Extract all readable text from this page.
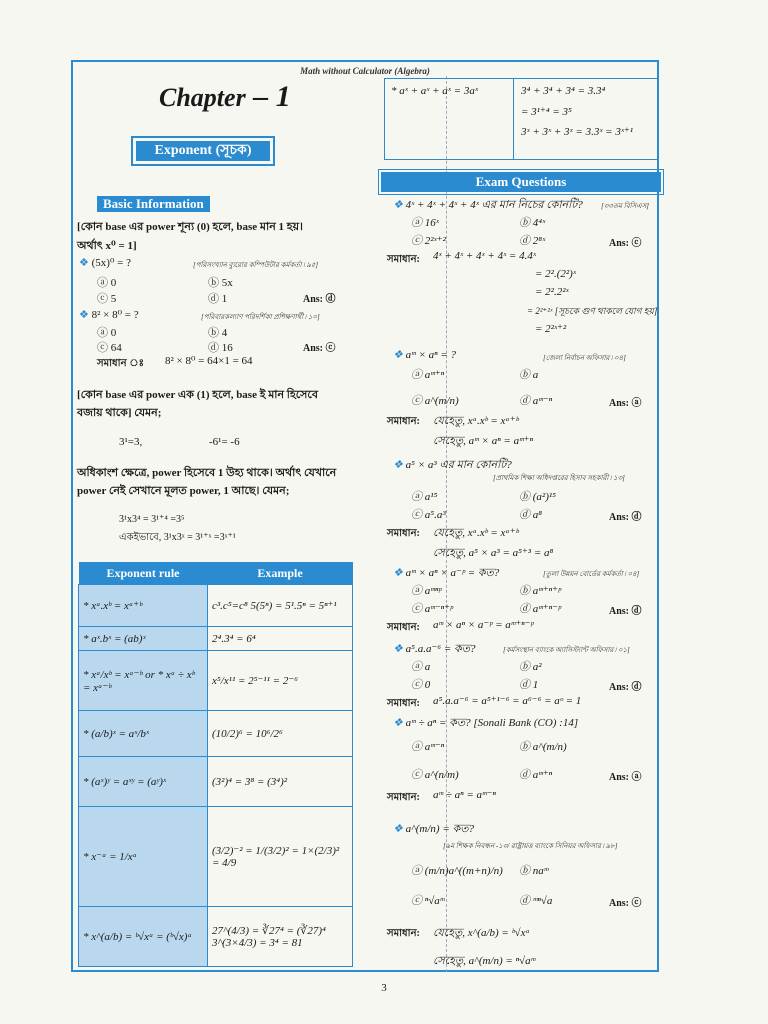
Math without Calculator (Algebra)
Chapter – 1
Exponent (সূচক)
Basic Information
[কোন base এর power শূন্য (0) হলে, base মান 1 হয়।
অর্থাৎ x⁰ = 1]
❖ (5x)⁰ = ?	[পরিসংখ্যান ব্যুরোর কম্পিউটার কর্মকর্তা ৷ ৯৫]
ⓐ 0	ⓑ 5x
ⓒ 5	ⓓ 1	Ans: ⓓ
❖ 8² × 8⁰ = ?	[পরিবারকল্যাণ পরিদর্শিকা প্রশিক্ষণার্থী ৷ ১০]
ⓐ 0	ⓑ 4
ⓒ 64	ⓓ 16	Ans: ⓒ
সমাধান ঃ 8² × 8⁰ = 64×1 = 64
[কোন base এর power এক (1) হলে, base ই মান হিসেবে
বজায় থাকে] যেমন;
3¹=3,	-6¹= -6
অধিকাংশ ক্ষেত্রে, power হিসেবে 1 উহ্য থাকে। অর্থাৎ যেখানে
power নেই সেখানে মূলত power, 1 আছে। যেমন;
3¹x3⁴ = 3¹⁺⁴ =3⁵
একইভাবে, 3¹x3ˣ = 3¹⁺ˣ =3ˣ⁺¹
Exponent rule	Example
* xᵃ.xᵇ = xᵃ⁺ᵇ	c³.c⁵=c⁸ 5(5ⁿ) = 5¹.5ⁿ = 5ⁿ⁺¹
* aˣ.bˣ = (ab)ˣ	2⁴.3⁴ = 6⁴
* xᵃ/xᵇ = xᵃ⁻ᵇ or * xᵃ ÷ xᵇ = xᵃ⁻ᵇ	x⁵/x¹¹ = 2⁵⁻¹¹ = 2⁻⁶
* (a/b)ˣ = aˣ/bˣ	(10/2)⁶ = 10⁶/2⁶
* (aˣ)ʸ = aˣʸ = (aʸ)ˣ	(3²)⁴ = 3⁸ = (3⁴)²
* x⁻ᵃ = 1/xᵃ	(3/2)⁻² = 1/(3/2)² = 1×(2/3)² = 4/9
* x^(a/b) = ᵇ√xᵃ = (ᵇ√x)ᵃ	27^(4/3) = ∛27⁴ = (∛27)⁴ 3^(3×4/3) = 3⁴ = 81
* aˣ + aˣ + aˣ = 3aˣ	3⁴ + 3⁴ + 3⁴ = 3.3⁴
= 3¹⁺⁴ = 3⁵
3ˣ + 3ˣ + 3ˣ = 3.3ˣ = 3ˣ⁺¹
Exam Questions
❖ 4ˣ + 4ˣ + 4ˣ + 4ˣ এর মান নিচের কোনটি?	[৩৩তম বিসিএস]
ⓐ 16ˣ	ⓑ 4⁴ˣ
ⓒ 2²ˣ⁺²	ⓓ 2⁸ˣ	Ans: ⓒ
সমাধান: 4ˣ + 4ˣ + 4ˣ + 4ˣ = 4.4ˣ
= 2².(2²)ˣ
= 2².2²ˣ
= 2²⁺²ˣ [সূচকে গুণ থাকলে যোগ হয়]
= 2²ˣ⁺²
❖ aᵐ × aⁿ = ?	[জেলা নির্বাচন অফিসার ৷ ০৪]
ⓐ aᵐ⁺ⁿ	ⓑ a
ⓒ a^(m/n)	ⓓ aᵐ⁻ⁿ	Ans: ⓐ
সমাধান: যেহেতু, xᵃ.xᵇ = xᵃ⁺ᵇ
সেহেতু, aᵐ × aⁿ = aᵐ⁺ⁿ
❖ a⁵ × a³ এর মান কোনটি?
[প্রাথমিক শিক্ষা অধিদপ্তরের হিসাব সহকারী ৷ ১৩]
ⓐ a¹⁵	ⓑ (a²)¹⁵
ⓒ a⁵.a³	ⓓ a⁸	Ans: ⓓ
সমাধান: যেহেতু, xᵃ.xᵇ = xᵃ⁺ᵇ
সেহেতু, a⁵ × a³ = a⁵⁺³ = a⁸
❖ aᵐ × aⁿ × a⁻ᵖ = কত?	[তুলা উন্নয়ন বোর্ডের কর্মকর্তা ৷ ০৪]
ⓐ aᵐⁿᵖ	ⓑ aᵐ⁺ⁿ⁺ᵖ
ⓒ aᵐ⁻ⁿ⁺ᵖ	ⓓ aᵐ⁺ⁿ⁻ᵖ	Ans: ⓓ
সমাধান: aᵐ × aⁿ × a⁻ᵖ = aᵐ⁺ⁿ⁻ᵖ
❖ a⁵.a.a⁻⁶ = কত?	[কর্মসংস্থান ব্যাংকে অ্যাসিস্ট্যান্ট অফিসার ৷ ০১]
ⓐ a	ⓑ a²
ⓒ 0	ⓓ 1	Ans: ⓓ
সমাধান: a⁵.a.a⁻⁶ = a⁵⁺¹⁻⁶ = a⁶⁻⁶ = aᵒ = 1
❖ aᵐ ÷ aⁿ = কত? [Sonali Bank (CO) :14]
ⓐ aᵐ⁻ⁿ	ⓑ a^(m/n)
ⓒ a^(n/m)	ⓓ aᵐ⁺ⁿ	Ans: ⓐ
সমাধান: aᵐ ÷ aⁿ = aᵐ⁻ⁿ
❖ a^(m/n) = কত?
[৯ম শিক্ষক নিবন্ধন -১৩/ রাষ্ট্রায়ত্ত ব্যাংকে সিনিয়র অফিসার ৷ ৯৮]
ⓐ (m/n)a^((m+n)/n) ⓑ naᵐ
ⓒ ⁿ√aᵐ	ⓓ ᵐⁿ√a	Ans: ⓒ
সমাধান: যেহেতু, x^(a/b) = ᵇ√xᵃ
সেহেতু, a^(m/n) = ⁿ√aᵐ
3
